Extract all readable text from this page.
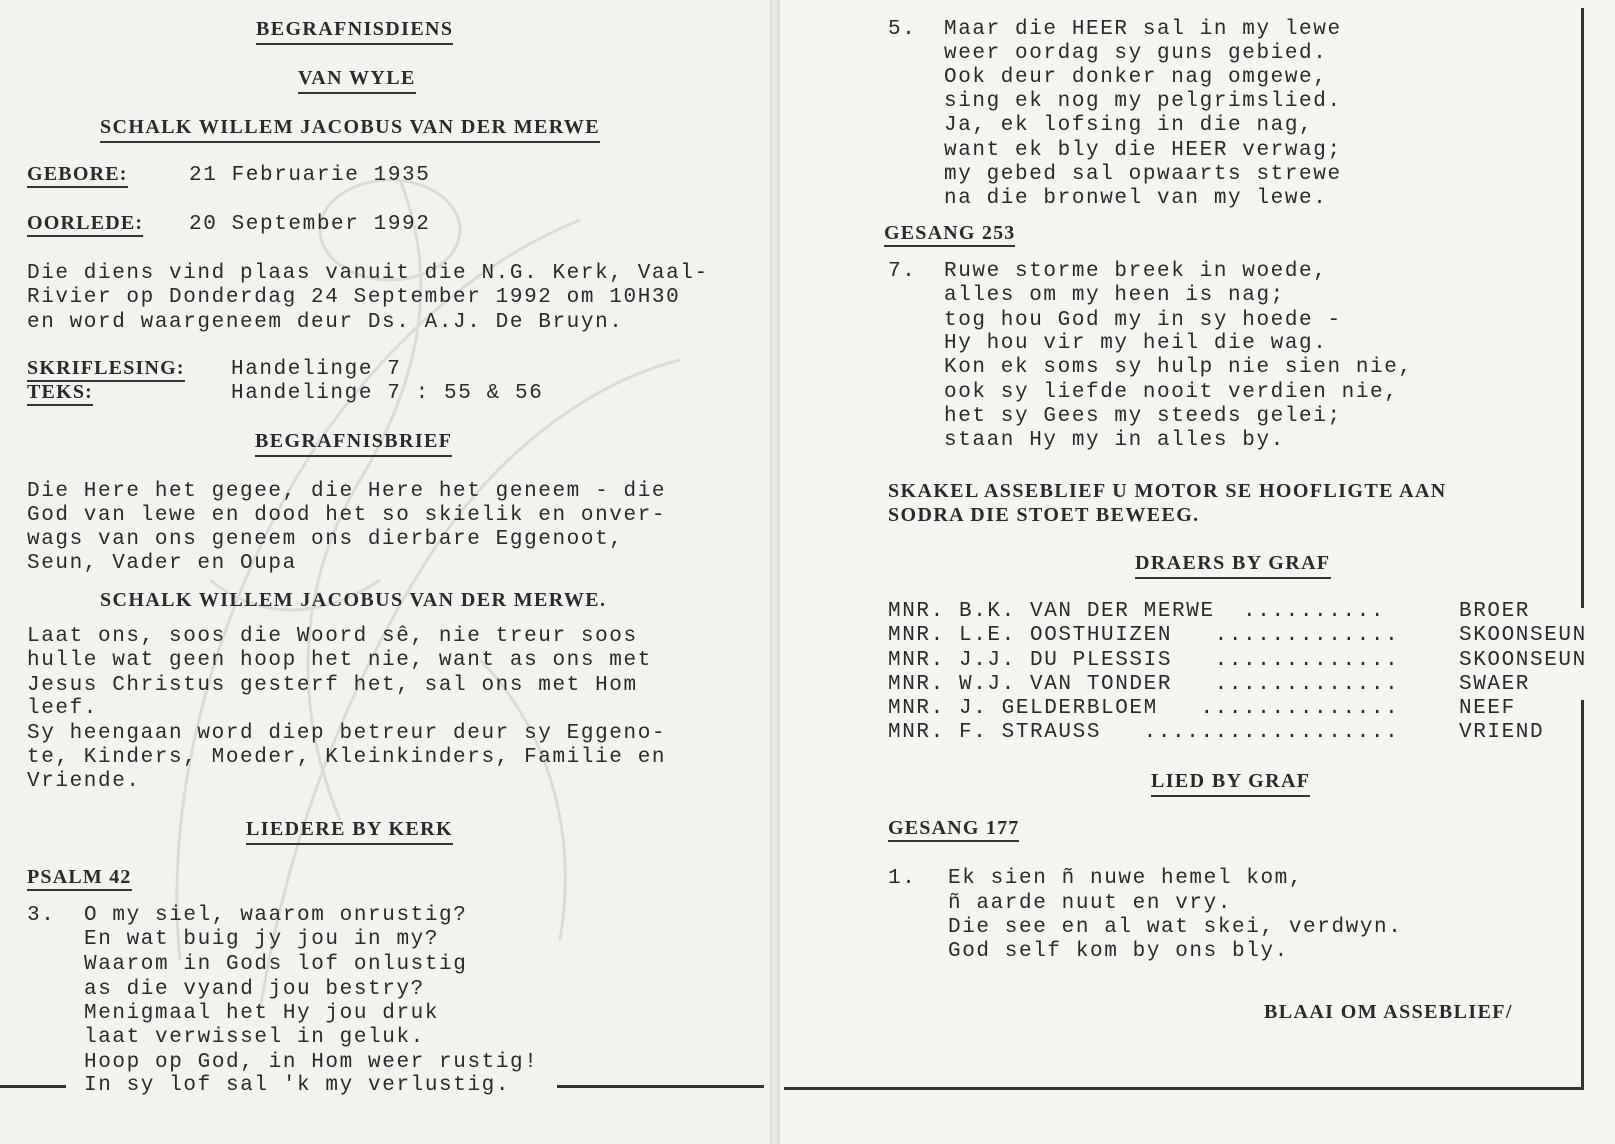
BEGRAFNISDIENS
VAN WYLE
SCHALK WILLEM JACOBUS VAN DER MERWE
GEBORE:	21 Februarie 1935
OORLEDE: 20 September 1992
Die diens vind plaas vanuit die N.G. Kerk, Vaal-
Rivier op Donderdag 24 September 1992 om 10H30
en word waargeneem deur Ds. A.J. De Bruyn.
SKRIFLESING: Handelinge 7
TEKS:	Handelinge 7 : 55 & 56
BEGRAFNISBRIEF
Die Here het gegee, die Here het geneem - die
God van lewe en dood het so skielik en onver-
wags van ons geneem ons dierbare Eggenoot,
Seun, Vader en Oupa
SCHALK WILLEM JACOBUS VAN DER MERWE.
Laat ons, soos die Woord sê, nie treur soos
hulle wat geen hoop het nie, want as ons met
Jesus Christus gesterf het, sal ons met Hom
leef.
Sy heengaan word diep betreur deur sy Eggeno-
te, Kinders, Moeder, Kleinkinders, Familie en
Vriende.
LIEDERE BY KERK
PSALM 42
3. O my siel, waarom onrustig?
En wat buig jy jou in my?
Waarom in Gods lof onlustig
as die vyand jou bestry?
Menigmaal het Hy jou druk
laat verwissel in geluk.
Hoop op God, in Hom weer rustig!
In sy lof sal 'k my verlustig.
5. Maar die HEER sal in my lewe
weer oordag sy guns gebied.
Ook deur donker nag omgewe,
sing ek nog my pelgrimslied.
Ja, ek lofsing in die nag,
want ek bly die HEER verwag;
my gebed sal opwaarts strewe
na die bronwel van my lewe.
GESANG 253
7. Ruwe storme breek in woede,
alles om my heen is nag;
tog hou God my in sy hoede -
Hy hou vir my heil die wag.
Kon ek soms sy hulp nie sien nie,
ook sy liefde nooit verdien nie,
het sy Gees my steeds gelei;
staan Hy my in alles by.
SKAKEL ASSEBLIEF U MOTOR SE HOOFLIGTE AAN
SODRA DIE STOET BEWEEG.
DRAERS BY GRAF
MNR. B.K. VAN DER MERWE  ..........	BROER
MNR. L.E. OOSTHUIZEN   .............	SKOONSEUN
MNR. J.J. DU PLESSIS   .............	SKOONSEUN
MNR. W.J. VAN TONDER   .............	SWAER
MNR. J. GELDERBLOEM   ..............	NEEF
MNR. F. STRAUSS   ..................	VRIEND
LIED BY GRAF
GESANG 177
1. Ek sien ñ nuwe hemel kom,
ñ aarde nuut en vry.
Die see en al wat skei, verdwyn.
God self kom by ons bly.
BLAAI OM ASSEBLIEF/
